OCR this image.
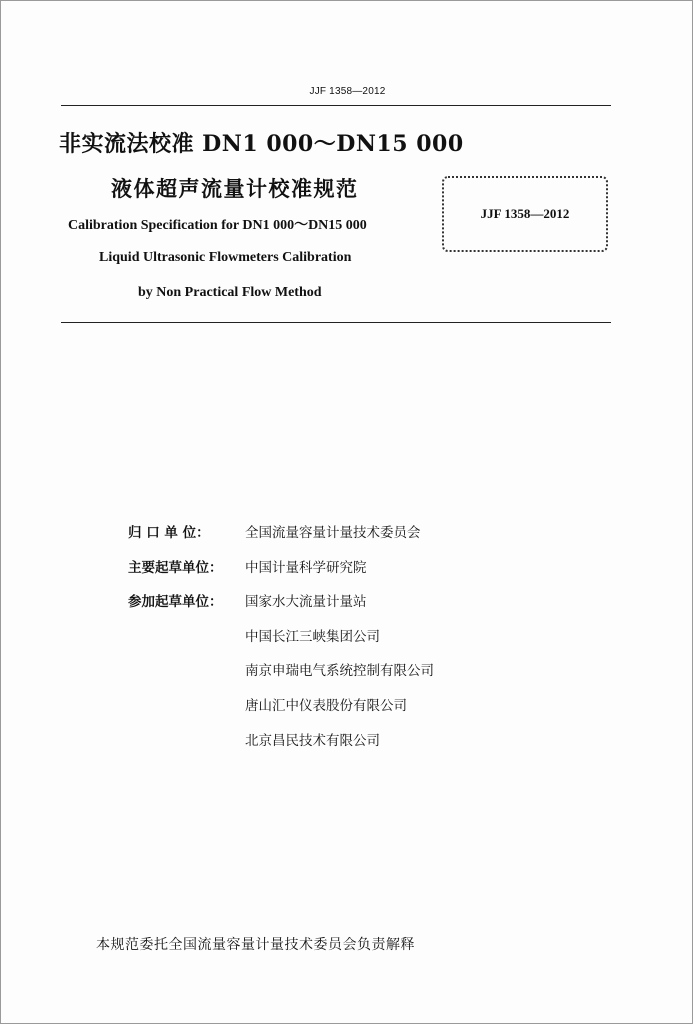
JJF 1358—2012
非实流法校准 DN1 000～DN15 000
液体超声流量计校准规范
Calibration Specification for DN1 000～DN15 000
Liquid Ultrasonic Flowmeters Calibration
by Non Practical Flow Method
JJF 1358—2012
归 口 单 位：	全国流量容量计量技术委员会
主要起草单位：	中国计量科学研究院
参加起草单位：	国家水大流量计量站
中国长江三峡集团公司
南京申瑞电气系统控制有限公司
唐山汇中仪表股份有限公司
北京昌民技术有限公司
本规范委托全国流量容量计量技术委员会负责解释
